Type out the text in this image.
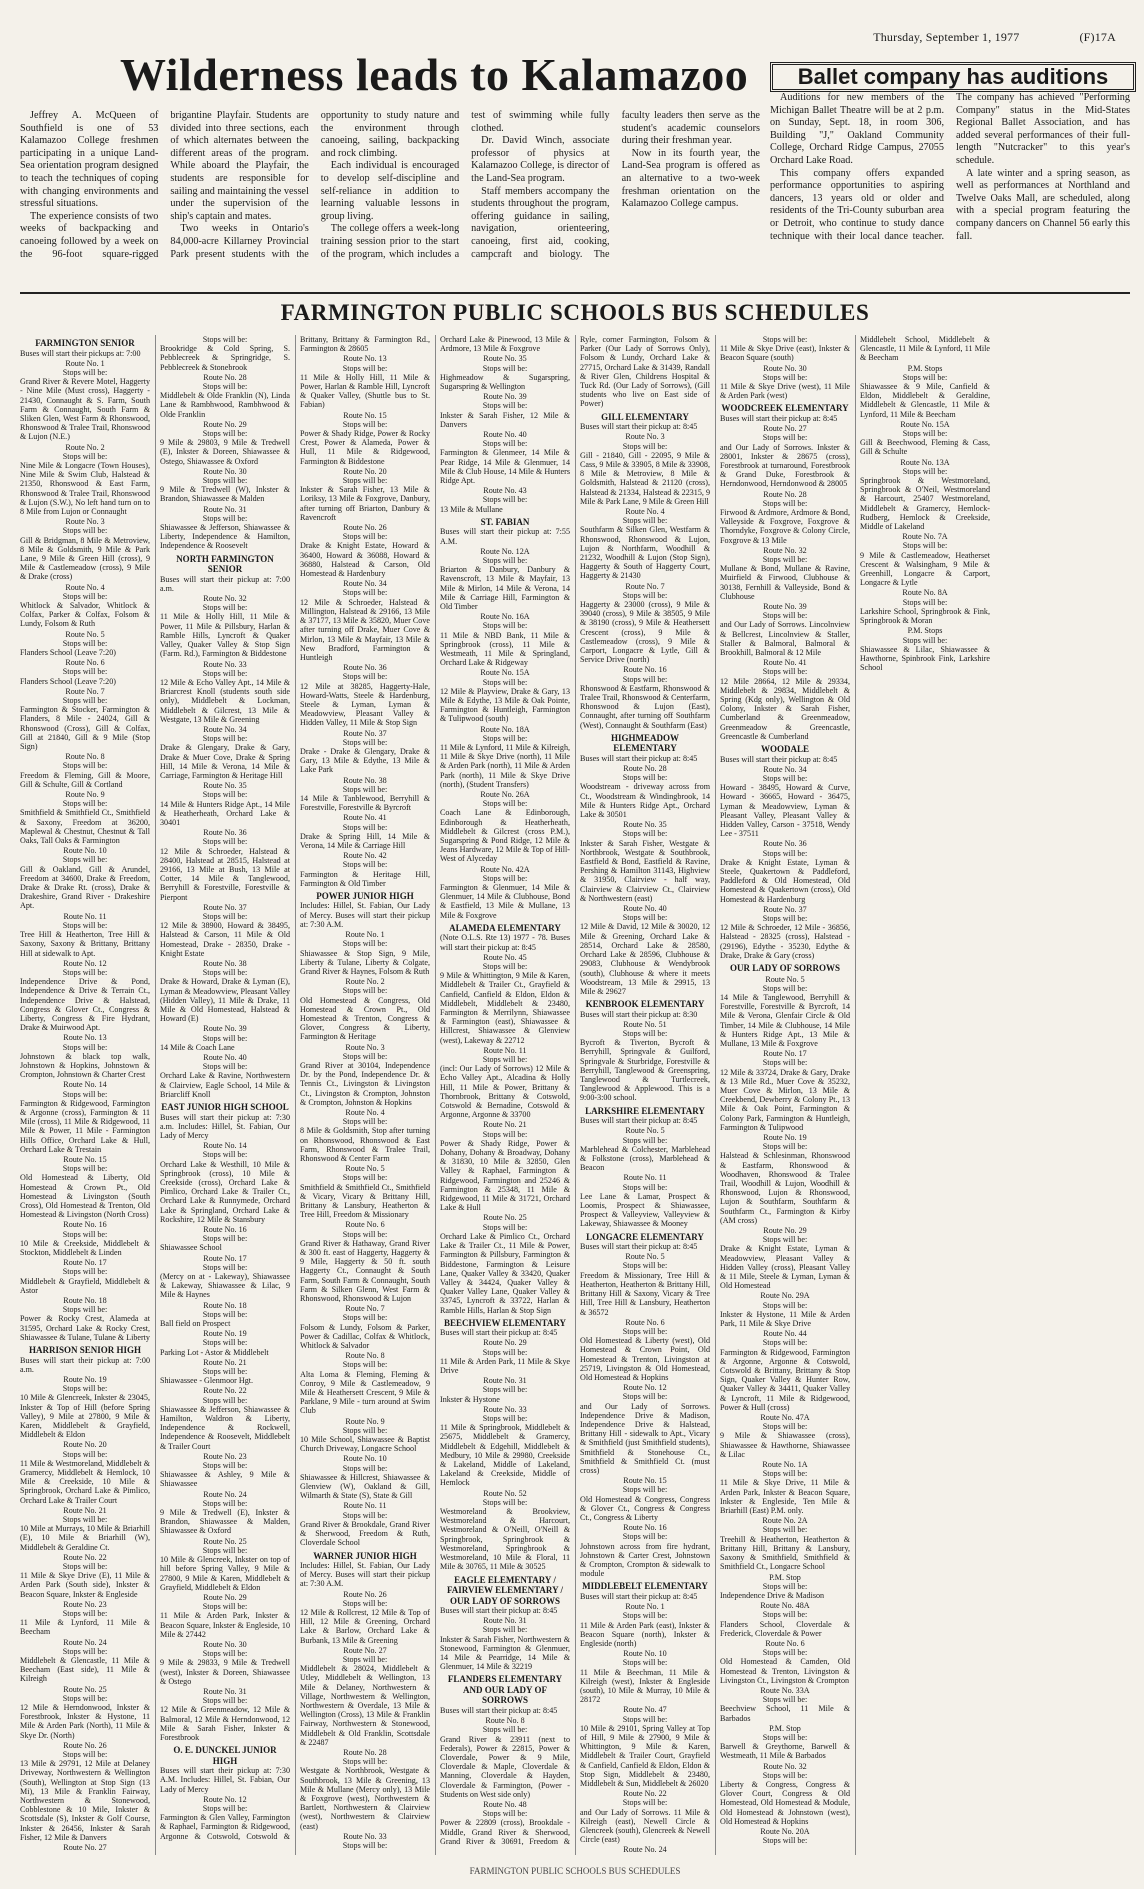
Thursday, September 1, 1977	(F)17A
Wilderness leads to Kalamazoo

Jeffrey A. McQueen of Southfield is one of 53 Kalamazoo College freshmen participating in a unique Land-Sea orientation program designed to teach the techniques of coping with changing environments and stressful situations.

The experience consists of two weeks of backpacking and canoeing followed by a week on the 96-foot square-rigged brigantine Playfair. Students are divided into three sections, each of which alternates between the different areas of the program. While aboard the Playfair, the students are responsible for sailing and maintaining the vessel under the supervision of the ship's captain and mates.

Two weeks in Ontario's 84,000-acre Killarney Provincial Park present students with the opportunity to study nature and the environment through canoeing, sailing, backpacking and rock climbing.

Each individual is encouraged to develop self-discipline and self-reliance in addition to learning valuable lessons in group living.

The college offers a week-long training session prior to the start of the program, which includes a test of swimming while fully clothed.

Dr. David Winch, associate professor of physics at Kalamazoo College, is director of the Land-Sea program.

Staff members accompany the students throughout the program, offering guidance in sailing, navigation, orienteering, canoeing, first aid, cooking, campcraft and biology. The faculty leaders then serve as the student's academic counselors during their freshman year.

Now in its fourth year, the Land-Sea program is offered as an alternative to a two-week freshman orientation on the Kalamazoo College campus.

Ballet company has auditions

Auditions for new members of the Michigan Ballet Theatre will be at 2 p.m. on Sunday, Sept. 18, in room 306, Building "J," Oakland Community College, Orchard Ridge Campus, 27055 Orchard Lake Road.

This company offers expanded performance opportunities to aspiring dancers, 13 years old or older and residents of the Tri-County suburban area or Detroit, who continue to study dance technique with their local dance teacher. The company has achieved "Performing Company" status in the Mid-States Regional Ballet Association, and has added several performances of their full-length "Nutcracker" to this year's schedule.

A late winter and a spring season, as well as performances at Northland and Twelve Oaks Mall, are scheduled, along with a special program featuring the company dancers on Channel 56 early this fall.

FARMINGTON PUBLIC SCHOOLS BUS SCHEDULES
FARMINGTON SENIOR
Buses will start their pickups at: 7:00
Route No. 1
Stops will be:
Grand River & Revere Motel, Haggerty - Nine Mile (Must cross), Haggerty - 21430, Connaught & S. Farm, South Farm & Connaught, South Farm & Sliken Glen, West Farm & Rhonswood, Rhonswood & Tralee Trail, Rhonswood & Lujon (N.E.)
Route No. 2
Stops will be:
Nine Mile & Longacre (Town Houses), Nine Mile & Swim Club, Halstead & 21350, Rhonswood & East Farm, Rhonswood & Tralee Trail, Rhonswood & Lujon (S.W.), No left hand turn on to 8 Mile from Lujon or Connaught
Route No. 3
Stops will be:
Gill & Bridgman, 8 Mile & Metroview, 8 Mile & Goldsmith, 9 Mile & Park Lane, 9 Mile & Green Hill (cross), 9 Mile & Castlemeadow (cross), 9 Mile & Drake (cross)
Route No. 4
Stops will be:
Whitlock & Salvador, Whitlock & Colfax, Parker & Colfax, Folsom & Lundy, Folsom & Ruth
Route No. 5
Stops will be:
Flanders School (Leave 7:20)
Route No. 6
Stops will be:
Flanders School (Leave 7:20)
Route No. 7
Stops will be:
Farmington & Stocker, Farmington & Flanders, 8 Mile - 24024, Gill & Rhonswood (Cross), Gill & Colfax, Gill at 21840, Gill & 9 Mile (Stop Sign)
Route No. 8
Stops will be:
Freedom & Fleming, Gill & Moore, Gill & Schulte, Gill & Cortland
Route No. 9
Stops will be:
Smithfield & Smithfield Ct., Smithfield & Saxony, Freedom at 36200, Maplewal & Chestnut, Chestnut & Tall Oaks, Tall Oaks & Farmington
Route No. 10
Stops will be:
Gill & Oakland, Gill & Arundel, Freedom at 34600, Drake & Freedom, Drake & Drake Rt. (cross), Drake & Drakeshire, Grand River - Drakeshire Apt.
Route No. 11
Stops will be:
Tree Hill & Heatherton, Tree Hill & Saxony, Saxony & Brittany, Brittany Hill at sidewalk to Apt.
Route No. 12
Stops will be:
Independence Drive & Pond, Independence & Drive & Terrain Ct., Independence Drive & Halstead, Congress & Glover Ct., Congress & Liberty, Congress & Fire Hydrant, Drake & Muirwood Apt.
Route No. 13
Stops will be:
Johnstown & black top walk, Johnstown & Hopkins, Johnstown & Crompton, Johnstown & Charter Crest
Route No. 14
Stops will be:
Farmington & Ridgewood, Farmington & Argonne (cross), Farmington & 11 Mile (cross), 11 Mile & Ridgewood, 11 Mile & Power, 11 Mile - Farmington Hills Office, Orchard Lake & Hull, Orchard Lake & Trestain
Route No. 15
Stops will be:
Old Homestead & Liberty, Old Homestead & Crown Pt., Old Homestead & Livingston (South Cross), Old Homestead & Trenton, Old Homestead & Livingston (North Cross)
Route No. 16
Stops will be:
10 Mile & Creekside, Middlebelt & Stockton, Middlebelt & Linden
Route No. 17
Stops will be:
Middlebelt & Grayfield, Middlebelt & Astor
Route No. 18
Stops will be:
Power & Rocky Crest, Alameda at 31595, Orchard Lake & Rocky Crest, Shiawassee & Tulane, Tulane & Liberty
HARRISON SENIOR HIGH
Buses will start their pickup at: 7:00 a.m.
Route No. 19
Stops will be:
10 Mile & Glencreek, Inkster & 23045, Inkster & Top of Hill (before Spring Valley), 9 Mile at 27800, 9 Mile & Karen, Middlebelt & Grayfield, Middlebelt & Eldon
Route No. 20
Stops will be:
11 Mile & Westmoreland, Middlebelt & Gramercy, Middlebelt & Hemlock, 10 Mile & Creekside, 10 Mile & Springbrook, Orchard Lake & Pimlico, Orchard Lake & Trailer Court
Route No. 21
Stops will be:
10 Mile at Murrays, 10 Mile & Briarhill (E), 10 Mile & Briarhill (W), Middlebelt & Geraldine Ct.
Route No. 22
Stops will be:
11 Mile & Skye Drive (E), 11 Mile & Arden Park (South side), Inkster & Beacon Square, Inkster & Engleside
Route No. 23
Stops will be:
11 Mile & Lynford, 11 Mile & Beecham
Route No. 24
Stops will be:
Middlebelt & Glencastle, 11 Mile & Beecham (East side), 11 Mile & Kilreigh
Route No. 25
Stops will be:
12 Mile & Herndonwood, Inkster & Forestbrook, Inkster & Hystone, 11 Mile & Arden Park (North), 11 Mile & Skye Dr. (North)
Route No. 26
Stops will be:
13 Mile & 29791, 12 Mile at Delaney Driveway, Northwestern & Wellington (South), Wellington at Stop Sign (13 Mi), 13 Mile & Franklin Fairway, Northwestern & Stonewood, Cobblestone & 10 Mile, Inkster & Scottsdale (S), Inkster & Golf Course, Inkster & 26456, Inkster & Sarah Fisher, 12 Mile & Danvers
Route No. 27
Stops will be:
Brookridge & Cold Spring, S. Pebblecreek & Springridge, S. Pebblecreek & Stonebrook
Route No. 28
Stops will be:
Middlebelt & Olde Franklin (N), Linda Lane & Rambhwood, Rambhwood & Olde Franklin
Route No. 29
Stops will be:
9 Mile & 29803, 9 Mile & Tredwell (E), Inkster & Doreen, Shiawassee & Ostego, Shiawassee & Oxford
Route No. 30
Stops will be:
9 Mile & Tredwell (W), Inkster & Brandon, Shiawassee & Malden
Route No. 31
Stops will be:
Shiawassee & Jefferson, Shiawassee & Liberty, Independence & Hamilton, Independence & Roosevelt
NORTH FARMINGTON SENIOR
Buses will start their pickup at: 7:00 a.m.
Route No. 32
Stops will be:
11 Mile & Holly Hill, 11 Mile & Power, 11 Mile & Pillsbury, Harlan & Ramble Hills, Lyncroft & Quaker Valley, Quaker Valley & Stop Sign (Farm. Rd.), Farmington & Biddestone
Route No. 33
Stops will be:
12 Mile & Echo Valley Apt., 14 Mile & Briarcrest Knoll (students south side only), Middlebelt & Lockman, Middlebelt & Gilcrest, 13 Mile & Westgate, 13 Mile & Greening
Route No. 34
Stops will be:
Drake & Glengary, Drake & Gary, Drake & Muer Cove, Drake & Spring Hill, 14 Mile & Verona, 14 Mile & Carriage, Farmington & Heritage Hill
Route No. 35
Stops will be:
14 Mile & Hunters Ridge Apt., 14 Mile & Heatherheath, Orchard Lake & 30401
Route No. 36
Stops will be:
12 Mile & Schroeder, Halstead & 28400, Halstead at 28515, Halstead at 29166, 13 Mile at Bush, 13 Mile at Cotter, 14 Mile & Tanglewood, Berryhill & Forestville, Forestville & Pierpont
Route No. 37
Stops will be:
12 Mile & 38900, Howard & 38495, Halstead & Carson, 11 Mile & Old Homestead, Drake - 28350, Drake - Knight Estate
Route No. 38
Stops will be:
Drake & Howard, Drake & Lyman (E), Lyman & Meadowview, Pleasant Valley (Hidden Valley), 11 Mile & Drake, 11 Mile & Old Homestead, Halstead & Howard (E)
Route No. 39
Stops will be:
14 Mile & Coach Lane
Route No. 40
Stops will be:
Orchard Lake & Ravine, Northwestern & Clairview, Eagle School, 14 Mile & Briarcliff Knoll
EAST JUNIOR HIGH SCHOOL
Buses will start their pickup at: 7:30 a.m. Includes: Hillel, St. Fabian, Our Lady of Mercy
Route No. 14
Stops will be:
Orchard Lake & Westhill, 10 Mile & Springbrook (cross), 10 Mile & Creekside (cross), Orchard Lake & Pimlico, Orchard Lake & Trailer Ct., Orchard Lake & Runnymede, Orchard Lake & Springland, Orchard Lake & Rockshire, 12 Mile & Stansbury
Route No. 16
Stops will be:
Shiawassee School
Route No. 17
Stops will be:
(Mercy on at - Lakeway), Shiawassee & Lakeway, Shiawassee & Lilac, 9 Mile & Haynes
Route No. 18
Stops will be:
Ball field on Prospect
Route No. 19
Stops will be:
Parking Lot - Astor & Middlebelt
Route No. 21
Stops will be:
Shiawassee - Glenmoor Hgt.
Route No. 22
Stops will be:
Shiawassee & Jefferson, Shiawassee & Hamilton, Waldron & Liberty, Independence & Rockwell, Independence & Roosevelt, Middlebelt & Trailer Court
Route No. 23
Stops will be:
Shiawassee & Ashley, 9 Mile & Shiawassee
Route No. 24
Stops will be:
9 Mile & Tredwell (E), Inkster & Brandon, Shiawassee & Malden, Shiawassee & Oxford
Route No. 25
Stops will be:
10 Mile & Glencreek, Inkster on top of hill before Spring Valley, 9 Mile & 27800, 9 Mile & Karen, Middlebelt & Grayfield, Middlebelt & Eldon
Route No. 29
Stops will be:
11 Mile & Arden Park, Inkster & Beacon Square, Inkster & Engleside, 10 Mile & 27442
Route No. 30
Stops will be:
9 Mile & 29833, 9 Mile & Tredwell (west), Inkster & Doreen, Shiawassee & Ostego
Route No. 31
Stops will be:
12 Mile & Greenmeadow, 12 Mile & Balmoral, 12 Mile & Herndonwood, 12 Mile & Sarah Fisher, Inkster & Forestbrook
O. E. DUNCKEL JUNIOR HIGH
Buses will start their pickup at: 7:30 A.M. Includes: Hillel, St. Fabian, Our Lady of Mercy
Route No. 12
Stops will be:
Farmington & Glen Valley, Farmington & Raphael, Farmington & Ridgewood, Argonne & Cotswold, Cotswold & Brittany, Brittany & Farmington Rd., Farmington & 28605
Route No. 13
Stops will be:
11 Mile & Holly Hill, 11 Mile & Power, Harlan & Ramble Hill, Lyncroft & Quaker Valley, (Shuttle bus to St. Fabian)
Route No. 15
Stops will be:
Power & Shady Ridge, Power & Rocky Crest, Power & Alameda, Power & Hull, 11 Mile & Ridgewood, Farmington & Biddestone
Route No. 20
Stops will be:
Inkster & Sarah Fisher, 13 Mile & Loriksy, 13 Mile & Foxgrove, Danbury, after turning off Briarton, Danbury & Ravencroft
Route No. 26
Stops will be:
Drake & Knight Estate, Howard & 36400, Howard & 36088, Howard & 36880, Halstead & Carson, Old Homestead & Hardenbury
Route No. 34
Stops will be:
12 Mile & Schroeder, Halstead & Millington, Halstead & 29166, 13 Mile & 37177, 13 Mile & 35820, Muer Cove after turning off Drake, Muer Cove & Mirlon, 13 Mile & Mayfair, 13 Mile & New Bradford, Farmington & Huntleigh
Route No. 36
Stops will be:
12 Mile at 38285, Haggerty-Hale, Howard-Watts, Steele & Hardenburg, Steele & Lyman, Lyman & Meadowview, Pleasant Valley & Hidden Valley, 11 Mile & Stop Sign
Route No. 37
Stops will be:
Drake - Drake & Glengary, Drake & Gary, 13 Mile & Edythe, 13 Mile & Lake Park
Route No. 38
Stops will be:
14 Mile & Tanblewood, Berryhill & Forestville, Forestville & Byrcroft
Route No. 41
Stops will be:
Drake & Spring Hill, 14 Mile & Verona, 14 Mile & Carriage Hill
Route No. 42
Stops will be:
Farmington & Heritage Hill, Farmington & Old Timber
POWER JUNIOR HIGH
Includes: Hillel, St. Fabian, Our Lady of Mercy. Buses will start their pickup at: 7:30 A.M.
Route No. 1
Stops will be:
Shiawassee & Stop Sign, 9 Mile, Liberty & Tulane, Liberty & Colgate, Grand River & Haynes, Folsom & Ruth
Route No. 2
Stops will be:
Old Homestead & Congress, Old Homestead & Crown Pt., Old Homestead & Trenton, Congress & Glover, Congress & Liberty, Farmington & Heritage
Route No. 3
Stops will be:
Grand River at 30104, Independence Dr. by the Pond, Independence Dr. & Tennis Ct., Livingston & Livingston Ct., Livingston & Crompton, Johnston & Crompton, Johnston & Hopkins
Route No. 4
Stops will be:
8 Mile & Goldsmith, Stop after turning on Rhonswood, Rhonswood & East Farm, Rhonswood & Tralee Trail, Rhonswood & Center Farm
Route No. 5
Stops will be:
Smithfield & Smithfield Ct., Smithfield & Vicary, Vicary & Brittany Hill, Brittany & Lansbury, Heatherton & Tree Hill, Freedom & Missionary
Route No. 6
Stops will be:
Grand River & Hathaway, Grand River & 300 ft. east of Haggerty, Haggerty & 9 Mile, Haggerty & 50 ft. south Haggerty Ct., Connaught & South Farm, South Farm & Connaught, South Farm & Silken Glenn, West Farm & Rhonswood, Rhonswood & Lujon
Route No. 7
Stops will be:
Folsom & Lundy, Folsom & Parker, Power & Cadillac, Colfax & Whitlock, Whitlock & Salvador
Route No. 8
Stops will be:
Alta Loma & Fleming, Fleming & Conroy, 9 Mile & Castlemeadow, 9 Mile & Heathersett Crescent, 9 Mile & Parklane, 9 Mile - turn around at Swim Club
Route No. 9
Stops will be:
10 Mile School, Shiawassee & Baptist Church Driveway, Longacre School
Route No. 10
Stops will be:
Shiawassee & Hillcrest, Shiawassee & Glenview (W), Oakland & Gill, Wilmarth & State (S), State & Gill
Route No. 11
Stops will be:
Grand River & Brookdale, Grand River & Sherwood, Freedom & Ruth, Cloverdale School
WARNER JUNIOR HIGH
Includes: Hillel, St. Fabian, Our Lady of Mercy. Buses will start their pickup at: 7:30 A.M.
Route No. 26
Stops will be:
12 Mile & Rollcrest, 12 Mile & Top of Hill, 12 Mile & Greening, Orchard Lake & Barlow, Orchard Lake & Burbank, 13 Mile & Greening
Route No. 27
Stops will be:
Middlebelt & 28024, Middlebelt & Utley, Middlebelt & Wellington, 13 Mile & Delaney, Northwestern & Village, Northwestern & Wellington, Northwestern & Overdale, 13 Mile & Wellington (Cross), 13 Mile & Franklin Fairway, Northwestern & Stonewood, Middlebelt & Old Franklin, Scottsdale & 22487
Route No. 28
Stops will be:
Westgate & Northbrook, Westgate & Southbrook, 13 Mile & Greening, 13 Mile & Mullane (Mercy only), 13 Mile & Foxgrove (west), Northwestern & Bartlett, Northwestern & Clairview (west), Northwestern & Clairview (east)
Route No. 33
Stops will be:
Orchard Lake & Pinewood, 13 Mile & Ardmore, 13 Mile & Foxgrove
Route No. 35
Stops will be:
Highmeadow & Sugarspring, Sugarspring & Wellington
Route No. 39
Stops will be:
Inkster & Sarah Fisher, 12 Mile & Danvers
Route No. 40
Stops will be:
Farmington & Glenmeer, 14 Mile & Pear Ridge, 14 Mile & Glenmuer, 14 Mile & Club House, 14 Mile & Hunters Ridge Apt.
Route No. 43
Stops will be:
13 Mile & Mullane
ST. FABIAN
Buses will start their pickup at: 7:55 A.M.
Route No. 12A
Stops will be:
Briarton & Danbury, Danbury & Ravenscroft, 13 Mile & Mayfair, 13 Mile & Mirlon, 14 Mile & Verona, 14 Mile & Carriage Hill, Farmington & Old Timber
Route No. 16A
Stops will be:
11 Mile & NBD Bank, 11 Mile & Springbrook (cross), 11 Mile & Westmeath, 11 Mile & Springland, Orchard Lake & Ridgeway
Route No. 15A
Stops will be:
12 Mile & Playview, Drake & Gary, 13 Mile & Edythe, 13 Mile & Oak Pointe, Farmington & Huntleigh, Farmington & Tulipwood (south)
Route No. 18A
Stops will be:
11 Mile & Lynford, 11 Mile & Kilreigh, 11 Mile & Skye Drive (north), 11 Mile & Arden Park (north), 11 Mile & Arden Park (north), 11 Mile & Skye Drive (north), (Student Transfers)
Route No. 26A
Stops will be:
Coach Lane & Edinborough, Edinborough & Heatherheath, Middlebelt & Gilcrest (cross P.M.), Sugarspring & Pond Ridge, 12 Mile & Jeans Hardware, 12 Mile & Top of Hill-West of Alyceday
Route No. 42A
Stops will be:
Farmington & Glenmuer, 14 Mile & Glenmuer, 14 Mile & Clubhouse, Bond & Eastfield, 13 Mile & Mullane, 13 Mile & Foxgrove
ALAMEDA ELEMENTARY
(Note O.L.S. Rte 13) 1977 - 78. Buses will start their pickup at: 8:45
Route No. 45
Stops will be:
9 Mile & Whittington, 9 Mile & Karen, Middlebelt & Trailer Ct., Grayfield & Canfield, Canfield & Eldon, Eldon & Middlebelt, Middlebelt & 23480, Farmington & Merrilynn, Shiawassee & Farmington (east), Shiawassee & Hillcrest, Shiawassee & Glenview (west), Lakeway & 22712
Route No. 11
Stops will be:
(incl: Our Lady of Sorrows) 12 Mile & Echo Valley Apt., Alcadina & Holly Hill, 11 Mile & Power, Brittany & Thornbrook, Brittany & Cotswold, Cotswold & Bernadine, Cotswold & Argonne, Argonne & 33700
Route No. 21
Stops will be:
Power & Shady Ridge, Power & Dohany, Dohany & Broadway, Dohany & 31830, 10 Mile & 32850, Glen Valley & Raphael, Farmington & Ridgewood, Farmington and 25246 & Farmington & 25348, 11 Mile & Ridgewood, 11 Mile & 31721, Orchard Lake & Hull
Route No. 25
Stops will be:
Orchard Lake & Pimlico Ct., Orchard Lake & Trailer Ct., 11 Mile & Power, Farmington & Pillsbury, Farmington & Biddestone, Farmington & Leisure Lane, Quaker Valley & 33420, Quaker Valley & 34424, Quaker Valley & Quaker Valley Lane, Quaker Valley & 33745, Lyncroft & 33722, Harlan & Ramble Hills, Harlan & Stop Sign
BEECHVIEW ELEMENTARY
Buses will start their pickup at: 8:45
Route No. 29
Stops will be:
11 Mile & Arden Park, 11 Mile & Skye Drive
Route No. 31
Stops will be:
Inkster & Hystone
Route No. 33
Stops will be:
11 Mile & Springbrook, Middlebelt & 25675, Middlebelt & Gramercy, Middlebelt & Edgehill, Middlebelt & Medbury, 10 Mile & 29980, Creekside & Lakeland, Middle of Lakeland, Lakeland & Creekside, Middle of Hemlock
Route No. 52
Stops will be:
Westmoreland & Brookview, Westmoreland & Harcourt, Westmoreland & O'Neill, O'Neill & Springbrook, Springbrook & Westmoreland, Springbrook & Westmoreland, 10 Mile & Floral, 11 Mile & 30765, 11 Mile & 30525
EAGLE ELEMENTARY / FAIRVIEW ELEMENTARY / OUR LADY OF SORROWS
Buses will start their pickup at: 8:45
Route No. 31
Stops will be:
Inkster & Sarah Fisher, Northwestern & Stonewood, Farmington & Glenmuer, 14 Mile & Pearridge, 14 Mile & Glenmuer, 14 Mile & 32219
FLANDERS ELEMENTARY AND OUR LADY OF SORROWS
Buses will start their pickup at: 8:45
Route No. 8
Stops will be:
Grand River & 23911 (next to Federals), Power & 22815, Power & Cloverdale, Power & 9 Mile, Cloverdale & Maple, Cloverdale & Manning, Cloverdale & Hayden, Cloverdale & Farmington, (Power - Students on West side only)
Route No. 48
Stops will be:
Power & 22809 (cross), Brookdale - Middle, Grand River & Sherwood, Grand River & 30691, Freedom & Ryle, corner Farmington, Folsom & Parker (Our Lady of Sorrows Only), Folsom & Lundy, Orchard Lake & 27715, Orchard Lake & 31439, Randall & River Glen, Childrens Hospital & Tuck Rd. (Our Lady of Sorrows), (Gill students who live on East side of Power)
GILL ELEMENTARY
Buses will start their pickup at: 8:45
Route No. 3
Stops will be:
Gill - 21840, Gill - 22095, 9 Mile & Cass, 9 Mile & 33905, 8 Mile & 33908, 8 Mile & Metroview, 8 Mile & Goldsmith, Halstead & 21120 (cross), Halstead & 21334, Halstead & 22315, 9 Mile & Park Lane, 9 Mile & Green Hill
Route No. 4
Stops will be:
Southfarm & Silken Glen, Westfarm & Rhonswood, Rhonswood & Lujon, Lujon & Northfarm, Woodhill & 21232, Woodhill & Lujon (Stop Sign), Haggerty & South of Haggerty Court, Haggerty & 21430
Route No. 7
Stops will be:
Haggerty & 23000 (cross), 9 Mile & 39040 (cross), 9 Mile & 38505, 9 Mile & 38190 (cross), 9 Mile & Heathersett Crescent (cross), 9 Mile & Castlemeadow (cross), 9 Mile & Carport, Longacre & Lytle, Gill & Service Drive (north)
Route No. 16
Stops will be:
Rhonswood & Eastfarm, Rhonswood & Tralee Trail, Rhonswood & Centerfarm, Rhonswood & Lujon (East), Connaught, after turning off Southfarm (West), Connaught & Southfarm (East)
HIGHMEADOW ELEMENTARY
Buses will start their pickup at: 8:45
Route No. 28
Stops will be:
Woodstream - driveway across from Ct., Woodstream & Windingbrook, 14 Mile & Hunters Ridge Apt., Orchard Lake & 30501
Route No. 35
Stops will be:
Inkster & Sarah Fisher, Westgate & Northbrook, Westgate & Southbrook, Eastfield & Bond, Eastfield & Ravine, Pershing & Hamilton 31143, Highview & 31950, Clairview - half way, Clairview & Clairview Ct., Clairview & Northwestern (east)
Route No. 40
Stops will be:
12 Mile & David, 12 Mile & 30020, 12 Mile & Greening, Orchard Lake & 28514, Orchard Lake & 28580, Orchard Lake & 28596, Clubhouse & 29083, Clubhouse & Wendybrook (south), Clubhouse & where it meets Woodstream, 13 Mile & 29915, 13 Mile & 29627
KENBROOK ELEMENTARY
Buses will start their pickup at: 8:30
Route No. 51
Stops will be:
Bycroft & Tiverton, Bycroft & Berryhill, Springvale & Guilford, Springvale & Sturbridge, Forestville & Berryhill, Tanglewood & Greenspring, Tanglewood & Turtlecreek, Tanglewood & Applewood. This is a 9:00-3:00 school.
LARKSHIRE ELEMENTARY
Buses will start their pickup at: 8:45
Route No. 5
Stops will be:
Marblehead & Colchester, Marblehead & Folkstone (cross), Marblehead & Beacon
Route No. 11
Stops will be:
Lee Lane & Lamar, Prospect & Loomis, Prospect & Shiawassee, Prospect & Valleyview, Valleyview & Lakeway, Shiawassee & Mooney
LONGACRE ELEMENTARY
Buses will start their pickup at: 8:45
Route No. 5
Stops will be:
Freedom & Missionary, Tree Hill & Heatherton, Heatherton & Brittany Hill, Brittany Hill & Saxony, Vicary & Tree Hill, Tree Hill & Lansbury, Heatherton & 36572
Route No. 6
Stops will be:
Old Homestead & Liberty (west), Old Homestead & Crown Point, Old Homestead & Trenton, Livingston at 25719, Livingston & Old Homestead, Old Homestead & Hopkins
Route No. 12
Stops will be:
and Our Lady of Sorrows. Independence Drive & Madison, Independence Drive & Halstead, Brittany Hill - sidewalk to Apt., Vicary & Smithfield (just Smithfield students), Smithfield & Stonehouse Ct., Smithfield & Smithfield Ct. (must cross)
Route No. 15
Stops will be:
Old Homestead & Congress, Congress & Glover Ct., Congress & Congress Ct., Congress & Liberty
Route No. 16
Stops will be:
Johnstown across from fire hydrant, Johnstown & Carter Crest, Johnstown & Crompton, Crompton & sidewalk to module
MIDDLEBELT ELEMENTARY
Buses will start their pickup at: 8:45
Route No. 1
Stops will be:
11 Mile & Arden Park (east), Inkster & Beacon Square (north), Inkster & Engleside (north)
Route No. 10
Stops will be:
11 Mile & Beechman, 11 Mile & Kilreigh (west), Inkster & Engleside (south), 10 Mile & Murray, 10 Mile & 28172
Route No. 47
Stops will be:
10 Mile & 29101, Spring Valley at Top of Hill, 9 Mile & 27900, 9 Mile & Whittington, 9 Mile & Karen, Middlebelt & Trailer Court, Grayfield & Canfield, Canfield & Eldon, Eldon & Stop Sign, Middlebelt & 23480, Middlebelt & Sun, Middlebelt & 26020
Route No. 22
Stops will be:
and Our Lady of Sorrows. 11 Mile & Kilreigh (east), Newell Circle & Glencreek (south), Glencreek & Newell Circle (east)
Route No. 24
Stops will be:
11 Mile & Skye Drive (east), Inkster & Beacon Square (south)
Route No. 30
Stops will be:
11 Mile & Skye Drive (west), 11 Mile & Arden Park (west)
WOODCREEK ELEMENTARY
Buses will start their pickup at: 8:45
Route No. 27
Stops will be:
and Our Lady of Sorrows. Inkster & 28001, Inkster & 28675 (cross), Forestbrook at turnaround, Forestbrook & Grand Duke, Forestbrook & Herndonwood, Herndonwood & 28005
Route No. 28
Stops will be:
Firwood & Ardmore, Ardmore & Bond, Valleyside & Foxgrove, Foxgrove & Thorndyke, Foxgrove & Colony Circle, Foxgrove & 13 Mile
Route No. 32
Stops will be:
Mullane & Bond, Mullane & Ravine, Muirfield & Firwood, Clubhouse & 30138, Fernhill & Valleyside, Bond & Clubhouse
Route No. 39
Stops will be:
and Our Lady of Sorrows. Lincolnview & Bellcrest, Lincolnview & Staller, Staller & Balmoral, Balmoral & Brookhill, Balmoral & 12 Mile
Route No. 41
Stops will be:
12 Mile 28664, 12 Mile & 29334, Middlebelt & 29834, Middlebelt & Spring (Kdg only), Wellington & Old Colony, Inkster & Sarah Fisher, Cumberland & Greenmeadow, Greenmeadow & Greencastle, Greencastle & Cumberland
WOODALE
Buses will start their pickup at: 8:45
Route No. 34
Stops will be:
Howard - 38495, Howard & Curve, Howard - 36665, Howard - 36475, Lyman & Meadowview, Lyman & Pleasant Valley, Pleasant Valley & Hidden Valley, Carson - 37518, Wendy Lee - 37511
Route No. 36
Stops will be:
Drake & Knight Estate, Lyman & Steele, Quakertown & Paddleford, Paddleford & Old Homestead, Old Homestead & Quakertown (cross), Old Homestead & Hardenburg
Route No. 37
Stops will be:
12 Mile & Schroeder, 12 Mile - 36856, Halstead - 28325 (cross), Halstead - (29196), Edythe - 35230, Edythe & Drake, Drake & Gary (cross)
OUR LADY OF SORROWS
Route No. 5
Stops will be:
14 Mile & Tanglewood, Berryhill & Forestville, Forestville & Byrcroft, 14 Mile & Verona, Glenfair Circle & Old Timber, 14 Mile & Clubhouse, 14 Mile & Hunters Ridge Apt., 13 Mile & Mullane, 13 Mile & Foxgrove
Route No. 17
Stops will be:
12 Mile & 33724, Drake & Gary, Drake & 13 Mile Rd., Muer Cove & 35232, Muer Cove & Mirlon, 13 Mile & Creekbend, Dewberry & Colony Pt., 13 Mile & Oak Point, Farmington & Colony Park, Farmington & Huntleigh, Farmington & Tulipwood
Route No. 19
Stops will be:
Halstead & Schlesinman, Rhonswood & Eastfarm, Rhonswood & Woodhaven, Rhonswood & Tralee Trail, Woodhill & Lujon, Woodhill & Rhonswood, Lujon & Rhonswood, Lujon & Southfarm, Southfarm & Southfarm Ct., Farmington & Kirby (AM cross)
Route No. 29
Stops will be:
Drake & Knight Estate, Lyman & Meadowview, Pleasant Valley & Hidden Valley (cross), Pleasant Valley & 11 Mile, Steele & Lyman, Lyman & Old Homestead
Route No. 29A
Stops will be:
Inkster & Hystone, 11 Mile & Arden Park, 11 Mile & Skye Drive
Route No. 44
Stops will be:
Farmington & Ridgewood, Farmington & Argonne, Argonne & Cotswold, Cotswold & Brittany, Brittany & Stop Sign, Quaker Valley & Hunter Row, Quaker Valley & 34411, Quaker Valley & Lyncroft, 11 Mile & Ridgewood, Power & Hull (cross)
Route No. 47A
Stops will be:
9 Mile & Shiawassee (cross), Shiawassee & Hawthorne, Shiawassee & Lilac
Route No. 1A
Stops will be:
11 Mile & Skye Drive, 11 Mile & Arden Park, Inkster & Beacon Square, Inkster & Engleside, Ten Mile & Briarhill (East) P.M. only.
Route No. 2A
Stops will be:
Treehill & Heatherton, Heatherton & Brittany Hill, Brittany & Lansbury, Saxony & Smithfield, Smithfield & Smithfield Ct., Longacre School
P.M. Stop
Stops will be:
Independence Drive & Madison
Route No. 48A
Stops will be:
Flanders School, Cloverdale & Frederick, Cloverdale & Power
Route No. 6
Stops will be:
Old Homestead & Camden, Old Homestead & Trenton, Livingston & Livingston Ct., Livingston & Crompton
Route No. 33A
Stops will be:
Beechview School, 11 Mile & Barbados
P.M. Stop
Stops will be:
Barwell & Greythorne, Barwell & Westmeath, 11 Mile & Barbados
Route No. 32
Stops will be:
Liberty & Congress, Congress & Glover Court, Congress & Old Homestead, Old Homestead & Module, Old Homestead & Johnstown (west), Old Homestead & Hopkins
Route No. 20A
Stops will be:
Middlebelt School, Middlebelt & Glencastle, 11 Mile & Lynford, 11 Mile & Beecham
P.M. Stops
Stops will be:
Shiawassee & 9 Mile, Canfield & Eldon, Middlebelt & Geraldine, Middlebelt & Glencastle, 11 Mile & Lynford, 11 Mile & Beecham
Route No. 15A
Stops will be:
Gill & Beechwood, Fleming & Cass, Gill & Schulte
Route No. 13A
Stops will be:
Springbrook & Westmoreland, Springbrook & O'Neil, Westmoreland & Harcourt, 25407 Westmoreland, Middlebelt & Gramercy, Hemlock-Rudberg, Hemlock & Creekside, Middle of Lakeland
Route No. 7A
Stops will be:
9 Mile & Castlemeadow, Heatherset Crescent & Walsingham, 9 Mile & Greenhill, Longacre & Carport, Longacre & Lytle
Route No. 8A
Stops will be:
Larkshire School, Springbrook & Fink, Springbrook & Moran
P.M. Stops
Stops will be:
Shiawassee & Lilac, Shiawassee & Hawthorne, Spinbrook Fink, Larkshire School
FARMINGTON PUBLIC SCHOOLS BUS SCHEDULES
